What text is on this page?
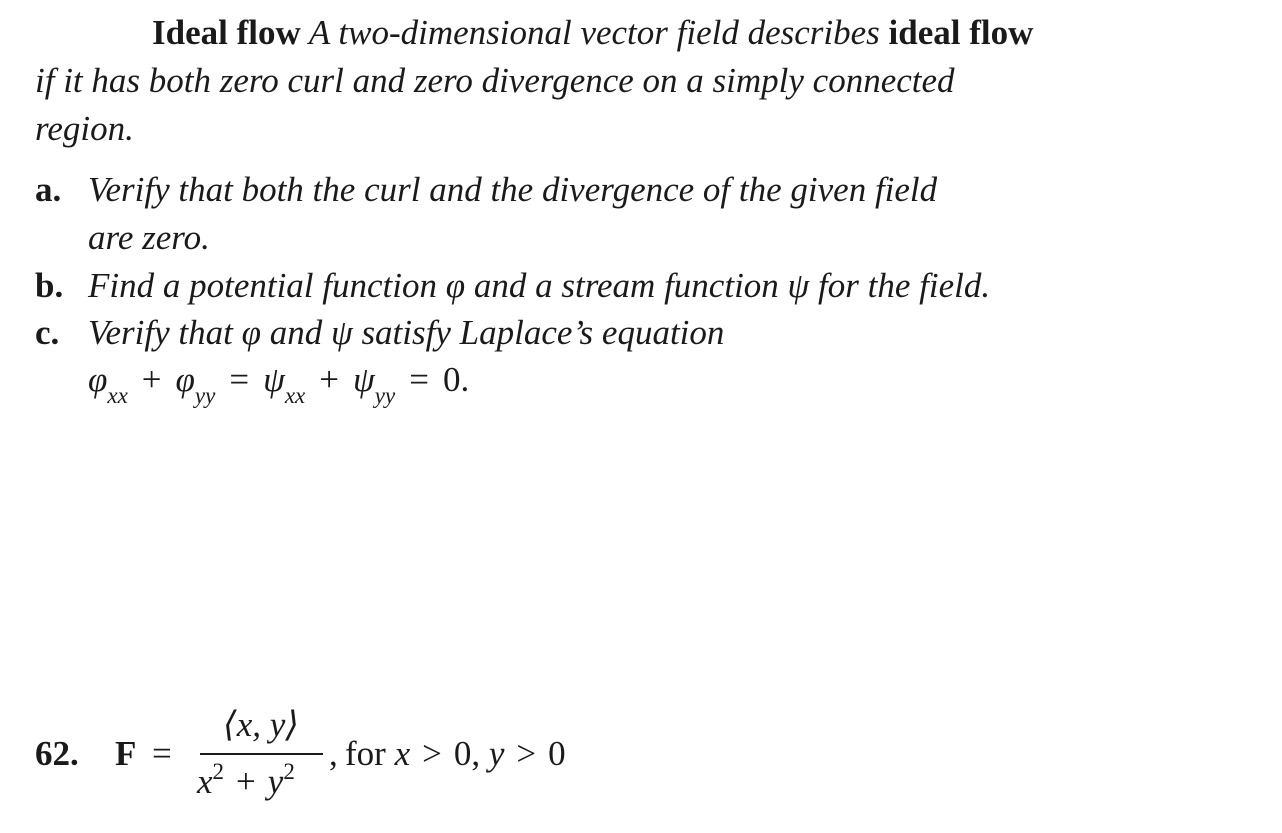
Ideal flow A two-dimensional vector field describes ideal flow
if it has both zero curl and zero divergence on a simply connected
region.
a. Verify that both the curl and the divergence of the given field
are zero.
b. Find a potential function φ and a stream function ψ for the field.
c. Verify that φ and ψ satisfy Laplace’s equation
$\varphi_{xx} + \varphi_{yy} = \psi_{xx} + \psi_{yy} = 0$.
62. F =
⟨x, y⟩
$x^2 + y^2$ , for x > 0, y > 0
